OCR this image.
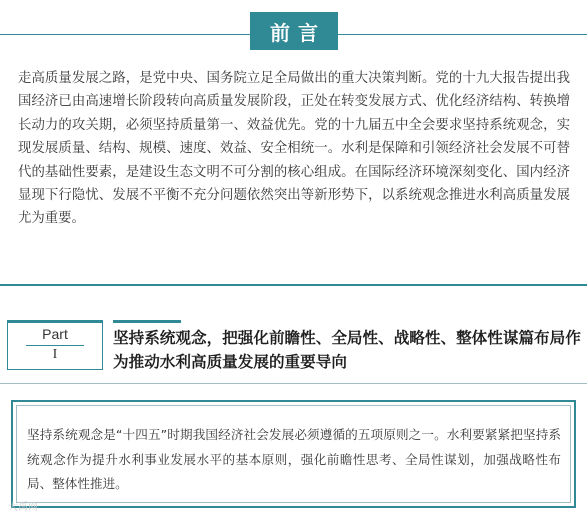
前言

走高质量发展之路，是党中央、国务院立足全局做出的重大决策判断。党的十九大报告提出我国经济已由高速增长阶段转向高质量发展阶段，正处在转变发展方式、优化经济结构、转换增长动力的攻关期，必须坚持质量第一、效益优先。党的十九届五中全会要求坚持系统观念，实现发展质量、结构、规模、速度、效益、安全相统一。水利是保障和引领经济社会发展不可替代的基础性要素，是建设生态文明不可分割的核心组成。在国际经济环境深刻变化、国内经济显现下行隐忧、发展不平衡不充分问题依然突出等新形势下，以系统观念推进水利高质量发展尤为重要。

Part
I
坚持系统观念，把强化前瞻性、全局性、战略性、整体性谋篇布局作为推动水利高质量发展的重要导向

坚持系统观念是“十四五”时期我国经济社会发展必须遵循的五项原则之一。水利要紧紧把坚持系统观念作为提升水利事业发展水平的基本原则，强化前瞻性思考、全局性谋划，加强战略性布局、整体性推进。

大禹网
